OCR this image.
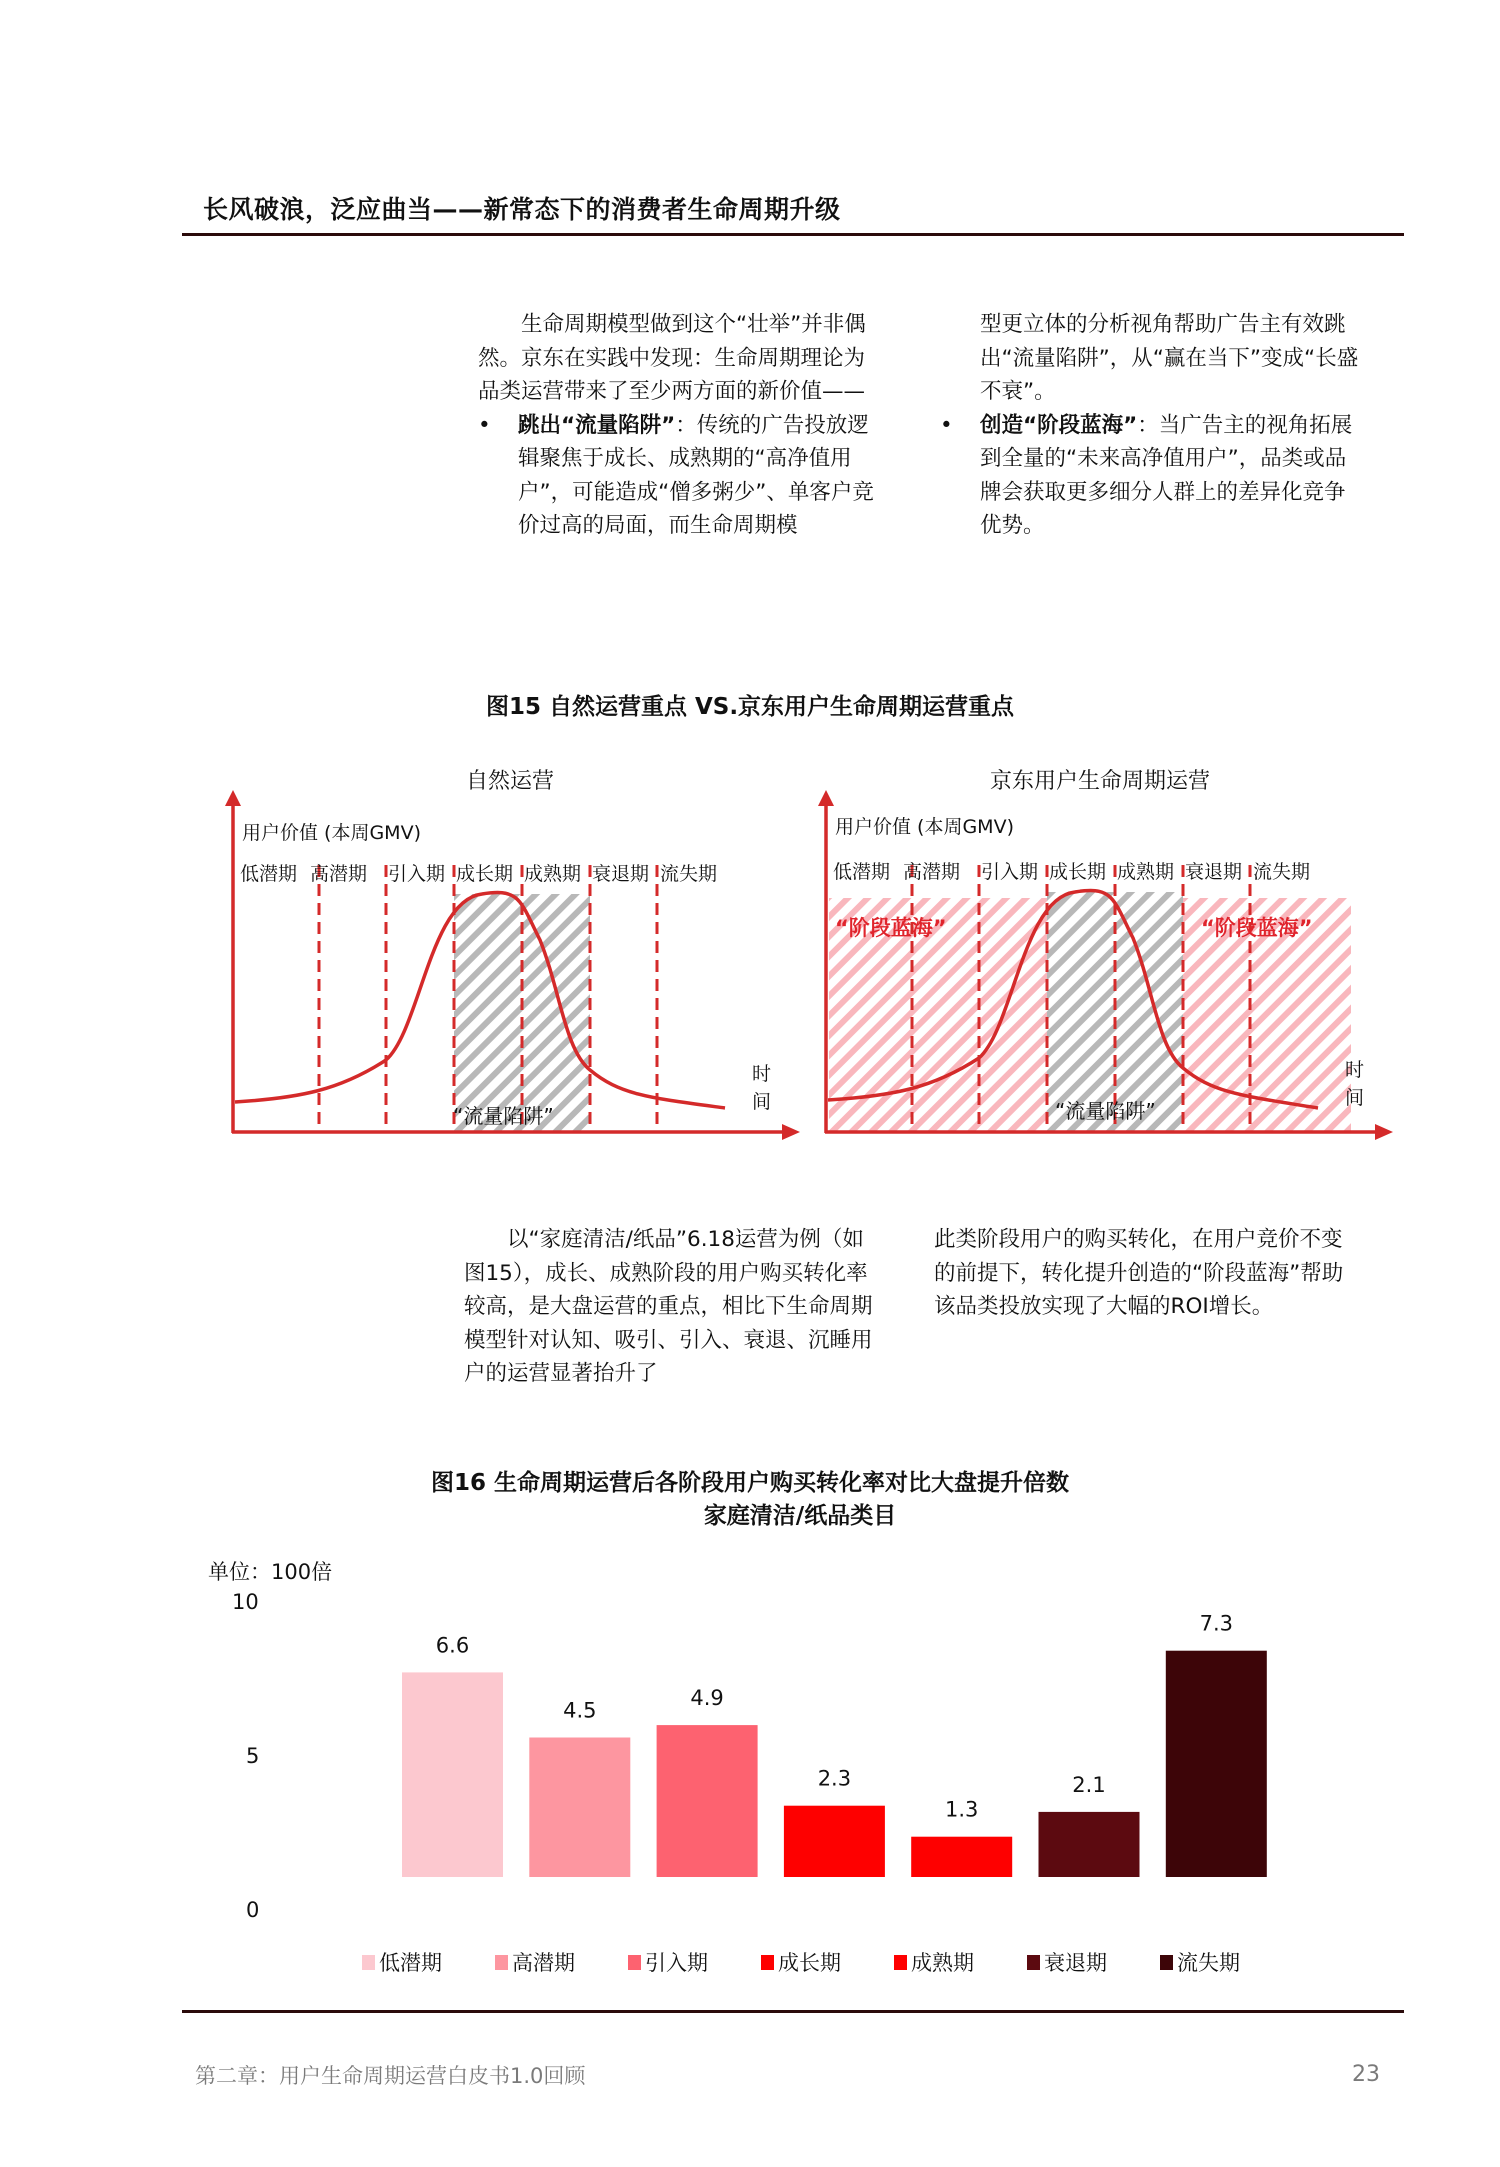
长风破浪，泛应曲当——新常态下的消费者生命周期升级

生命周期模型做到这个“壮举”并非偶然。京东在实践中发现：生命周期理论为品类运营带来了至少两方面的新价值——

• 跳出“流量陷阱”：传统的广告投放逻辑聚焦于成长、成熟期的“高净值用户”，可能造成“僧多粥少”、单客户竞价过高的局面，而生命周期模
型更立体的分析视角帮助广告主有效跳出“流量陷阱”，从“赢在当下”变成“长盛不衰”。
• 创造“阶段蓝海”：当广告主的视角拓展到全量的“未来高净值用户”，品类或品牌会获取更多细分人群上的差异化竞争优势。
图15 自然运营重点 VS.京东用户生命周期运营重点
自然运营	京东用户生命周期运营
用户价值 (本周GMV)
低潜期 高潜期 引入期 成长期 成熟期 衰退期 流失期
“流量陷阱”
时
间
用户价值 (本周GMV)
低潜期 高潜期 引入期 成长期 成熟期 衰退期 流失期
“阶段蓝海”	“阶段蓝海”
“流量陷阱”
时
间
以“家庭清洁/纸品”6.18运营为例（如图15），成长、成熟阶段的用户购买转化率较高，是大盘运营的重点，相比下生命周期模型针对认知、吸引、引入、衰退、沉睡用户的运营显著抬升了
此类阶段用户的购买转化，在用户竞价不变的前提下，转化提升创造的“阶段蓝海”帮助该品类投放实现了大幅的ROI增长。
图16 生命周期运营后各阶段用户购买转化率对比大盘提升倍数
家庭清洁/纸品类目
单位：100倍
10
5
0
6.6
4.5
4.9
2.3
1.3
2.1
7.3
低潜期	高潜期	引入期	成长期	成熟期	衰退期	流失期
第二章：用户生命周期运营白皮书1.0回顾	23
